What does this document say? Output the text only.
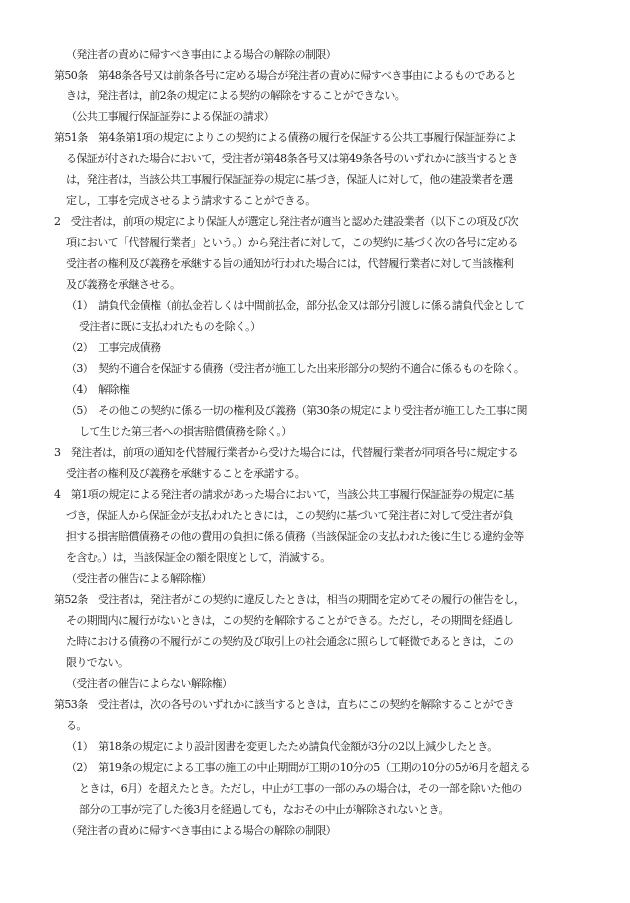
（発注者の責めに帰すべき事由による場合の解除の制限）
第50条　第48条各号又は前条各号に定める場合が発注者の責めに帰すべき事由によるものであると
きは，発注者は，前2条の規定による契約の解除をすることができない。
（公共工事履行保証証券による保証の請求）
第51条　第4条第1項の規定によりこの契約による債務の履行を保証する公共工事履行保証証券によ
る保証が付された場合において，受注者が第48条各号又は第49条各号のいずれかに該当するとき
は，発注者は，当該公共工事履行保証証券の規定に基づき，保証人に対して，他の建設業者を選
定し，工事を完成させるよう請求することができる。
2　受注者は，前項の規定により保証人が選定し発注者が適当と認めた建設業者（以下この項及び次
項において「代替履行業者」という。）から発注者に対して，この契約に基づく次の各号に定める
受注者の権利及び義務を承継する旨の通知が行われた場合には，代替履行業者に対して当該権利
及び義務を承継させる。
（1）　請負代金債権（前払金若しくは中間前払金，部分払金又は部分引渡しに係る請負代金として
受注者に既に支払われたものを除く。）
（2）　工事完成債務
（3）　契約不適合を保証する債務（受注者が施工した出来形部分の契約不適合に係るものを除く。
（4）　解除権
（5）　その他この契約に係る一切の権利及び義務（第30条の規定により受注者が施工した工事に関
して生じた第三者への損害賠償債務を除く。）
3　発注者は，前項の通知を代替履行業者から受けた場合には，代替履行業者が同項各号に規定する
受注者の権利及び義務を承継することを承諾する。
4　第1項の規定による発注者の請求があった場合において，当該公共工事履行保証証券の規定に基
づき，保証人から保証金が支払われたときには，この契約に基づいて発注者に対して受注者が負
担する損害賠償債務その他の費用の負担に係る債務（当該保証金の支払われた後に生じる違約金等
を含む。）は，当該保証金の額を限度として，消滅する。
（受注者の催告による解除権）
第52条　受注者は，発注者がこの契約に違反したときは，相当の期間を定めてその履行の催告をし，
その期間内に履行がないときは，この契約を解除することができる。ただし，その期間を経過し
た時における債務の不履行がこの契約及び取引上の社会通念に照らして軽微であるときは，この
限りでない。
（受注者の催告によらない解除権）
第53条　受注者は，次の各号のいずれかに該当するときは，直ちにこの契約を解除することができ
る。
（1）　第18条の規定により設計図書を変更したため請負代金額が3分の2以上減少したとき。
（2）　第19条の規定による工事の施工の中止期間が工期の10分の5（工期の10分の5が6月を超える
ときは，6月）を超えたとき。ただし，中止が工事の一部のみの場合は，その一部を除いた他の
部分の工事が完了した後3月を経過しても，なおその中止が解除されないとき。
（発注者の責めに帰すべき事由による場合の解除の制限）
